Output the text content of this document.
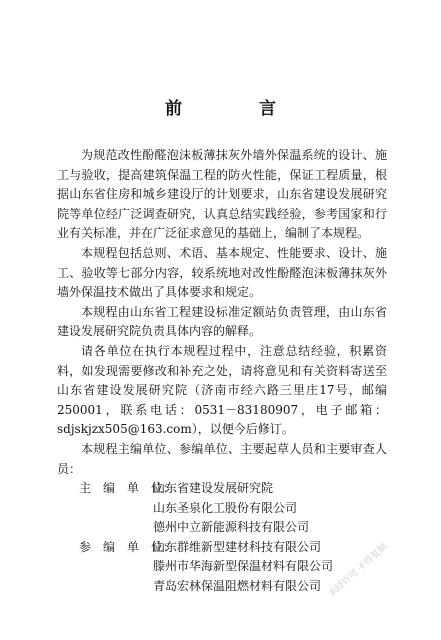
前　言

为规范改性酚醛泡沫板薄抹灰外墙外保温系统的设计、施工与验收，提高建筑保温工程的防火性能，保证工程质量，根据山东省住房和城乡建设厅的计划要求，山东省建设发展研究院等单位经广泛调查研究，认真总结实践经验，参考国家和行业有关标准，并在广泛征求意见的基础上，编制了本规程。

本规程包括总则、术语、基本规定、性能要求、设计、施工、验收等七部分内容，较系统地对改性酚醛泡沫板薄抹灰外墙外保温技术做出了具体要求和规定。

本规程由山东省工程建设标准定额站负责管理，由山东省建设发展研究院负责具体内容的解释。

请各单位在执行本规程过程中，注意总结经验，积累资料，如发现需要修改和补充之处，请将意见和有关资料寄送至山东省建设发展研究院（济南市经六路三里庄17号，邮编250001，联系电话：0531－83180907，电子邮箱：sdjskjzx505@163.com），以便今后修订。

本规程主编单位、参编单位、主要起草人员和主要审查人员：

主　编　单　位：
山东省建设发展研究院
山东圣泉化工股份有限公司
德州中立新能源科技有限公司
参　编　单　位：
山东群维新型建材科技有限公司
滕州市华海新型保温材料有限公司
青岛宏林保温阻燃材料有限公司 未经许可 不得复制
